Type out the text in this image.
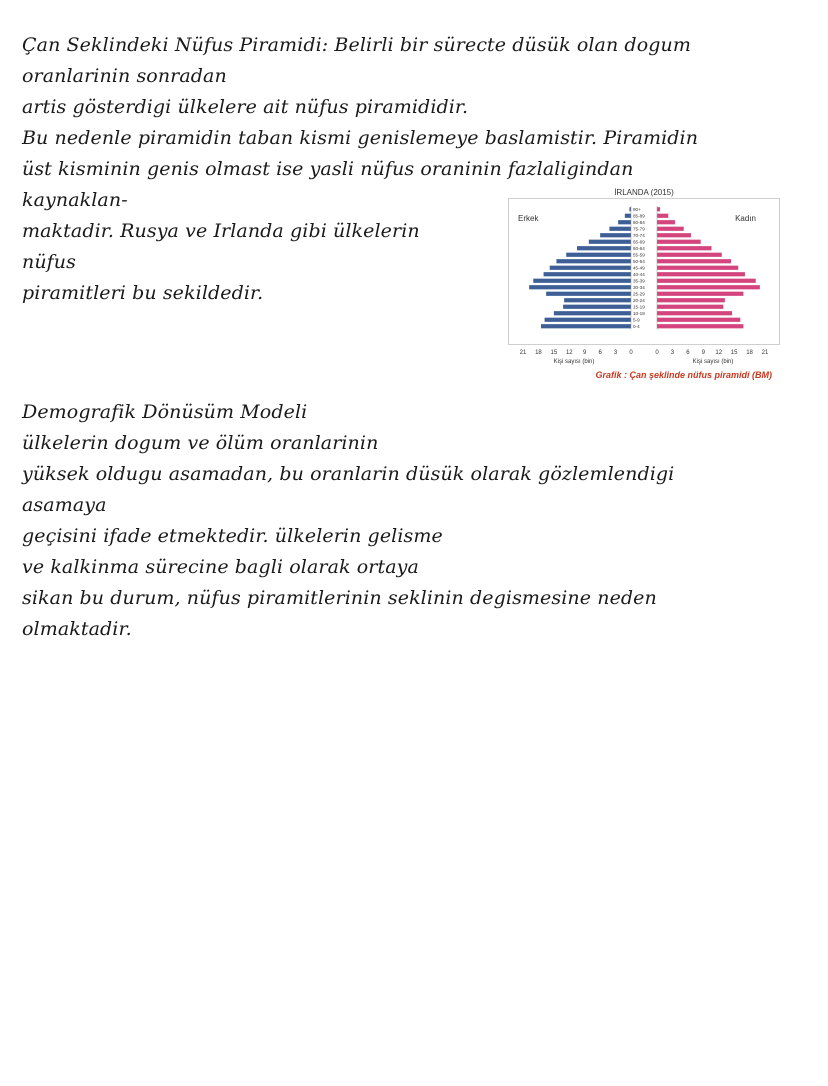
Çan Seklindeki Nüfus Piramidi: Belirli bir sürecte düsük olan dogum
oranlarinin sonradan
artis gösterdigi ülkelere ait nüfus piramididir.
Bu nedenle piramidin taban kismi genislemeye baslamistir. Piramidin
üst kisminin genis olmast ise yasli nüfus oraninin fazlaligindan
kaynaklan-
maktadir. Rusya ve Irlanda gibi ülkelerin
nüfus
piramitleri bu sekildedir.
İRLANDA (2015)
Erkek	Kadın
90+
85-89
80-84
75-79
70-74
65-69
60-64
55-59
50-54
45-49
40-44
35-39
30-34
25-29
20-24
15-19
10-18
5-9
0-4
21 18 15 12 9 6 3 0	0 3 6 9 12 15 18 21
Kişi sayısı (bin)	Kişi sayısı (bin)
Grafik : Çan şeklinde nüfus piramidi (BM)
Demografik Dönüsüm Modeli
ülkelerin dogum ve ölüm oranlarinin
yüksek oldugu asamadan, bu oranlarin düsük olarak gözlemlendigi
asamaya
geçisini ifade etmektedir. ülkelerin gelisme
ve kalkinma sürecine bagli olarak ortaya
sikan bu durum, nüfus piramitlerinin seklinin degismesine neden
olmaktadir.
